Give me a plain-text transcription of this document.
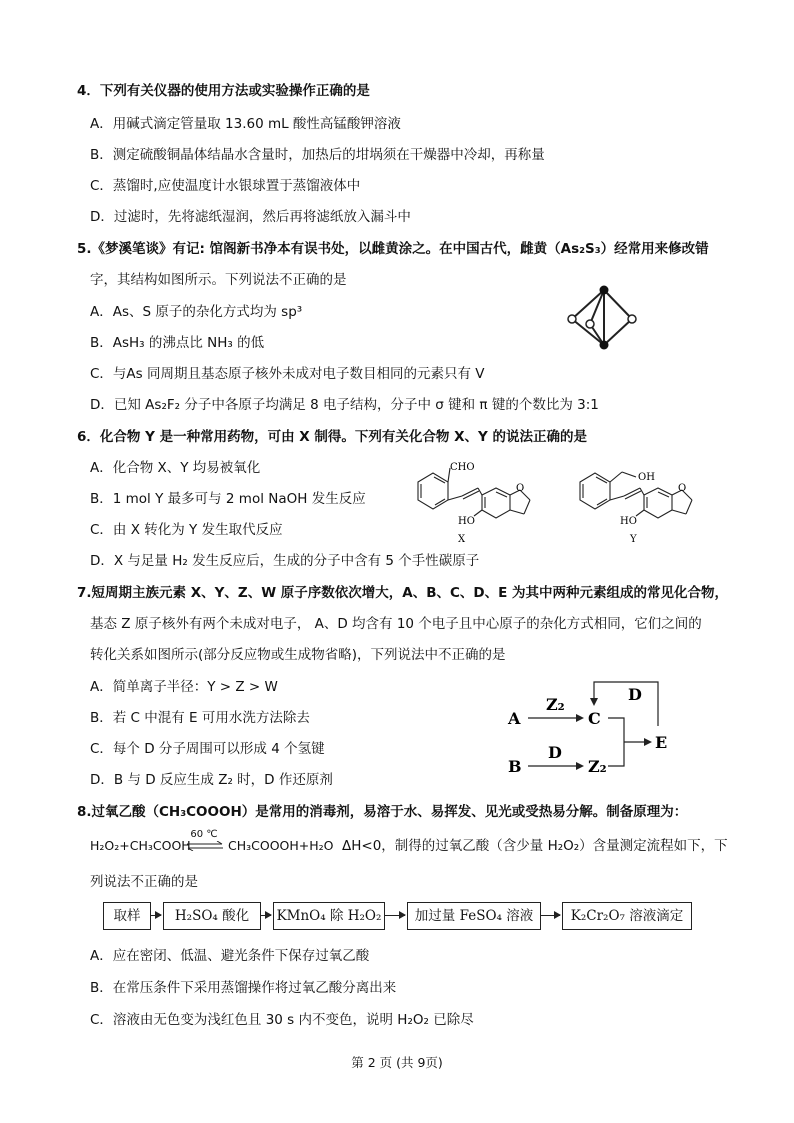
4．下列有关仪器的使用方法或实验操作正确的是
A．用碱式滴定管量取 13.60 mL 酸性高锰酸钾溶液
B．测定硫酸铜晶体结晶水含量时，加热后的坩埚须在干燥器中冷却，再称量
C．蒸馏时,应使温度计水银球置于蒸馏液体中
D．过滤时，先将滤纸湿润，然后再将滤纸放入漏斗中
5.《梦溪笔谈》有记: 馆阁新书净本有误书处，以雌黄涂之。在中国古代，雌黄（As₂S₃）经常用来修改错
字，其结构如图所示。下列说法不正确的是
A．As、S 原子的杂化方式均为 sp³
B．AsH₃ 的沸点比 NH₃ 的低
C．与As 同周期且基态原子核外未成对电子数目相同的元素只有 V
D．已知 As₂F₂ 分子中各原子均满足 8 电子结构，分子中 σ 键和 π 键的个数比为 3:1
6．化合物 Y 是一种常用药物，可由 X 制得。下列有关化合物 X、Y 的说法正确的是
A．化合物 X、Y 均易被氧化
B．1 mol Y 最多可与 2 mol NaOH 发生反应
C．由 X 转化为 Y 发生取代反应
D．X 与足量 H₂ 发生反应后，生成的分子中含有 5 个手性碳原子
CHO
O
HO
X
OH
O
HO
Y
7.短周期主族元素 X、Y、Z、W 原子序数依次增大，A、B、C、D、E 为其中两种元素组成的常见化合物，
基态 Z 原子核外有两个未成对电子， A、D 均含有 10 个电子且中心原子的杂化方式相同，它们之间的
转化关系如图所示(部分反应物或生成物省略)，下列说法中不正确的是
A．简单离子半径：Y > Z > W
B．若 C 中混有 E 可用水洗方法除去
C．每个 D 分子周围可以形成 4 个氢键
D．B 与 D 反应生成 Z₂ 时，D 作还原剂
A
B
Z₂
D
C
Z₂
E
D
8.过氧乙酸（CH₃COOOH）是常用的消毒剂，易溶于水、易挥发、见光或受热易分解。制备原理为：
H₂O₂+CH₃COOH
60 ℃
⇌ CH₃COOOH+H₂O ΔH<0，制得的过氧乙酸（含少量 H₂O₂）含量测定流程如下，下
列说法不正确的是
取样	H₂SO₄ 酸化	KMnO₄ 除 H₂O₂	加过量 FeSO₄ 溶液	K₂Cr₂O₇ 溶液滴定
A．应在密闭、低温、避光条件下保存过氧乙酸
B．在常压条件下采用蒸馏操作将过氧乙酸分离出来
C．溶液由无色变为浅红色且 30 s 内不变色，说明 H₂O₂ 已除尽
第 2 页 (共 9页)
